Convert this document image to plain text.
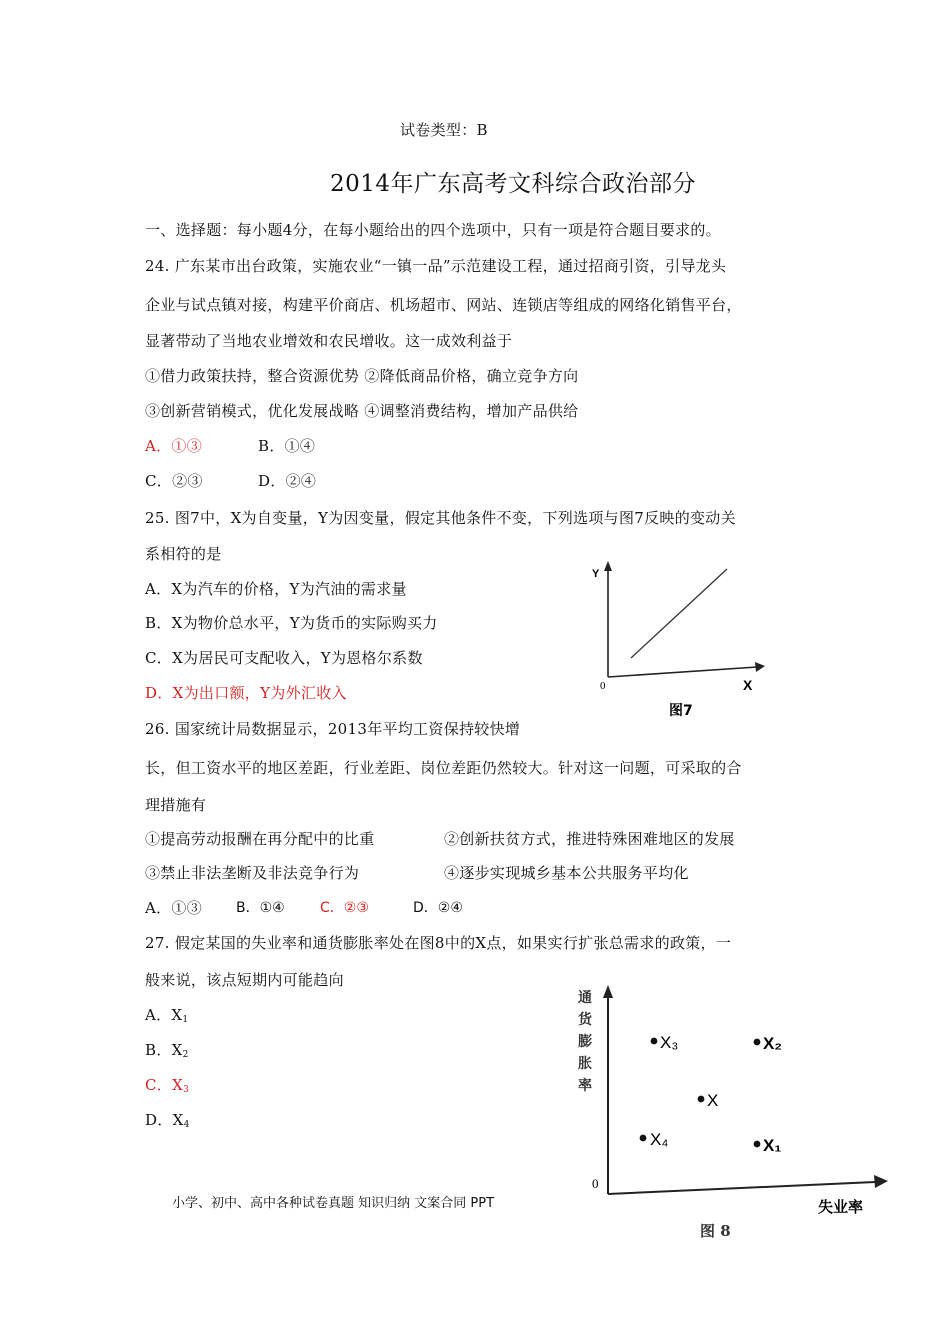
试卷类型：B
2014年广东高考文科综合政治部分
一、选择题：每小题4分，在每小题给出的四个选项中，只有一项是符合题目要求的。
24. 广东某市出台政策，实施农业“一镇一品”示范建设工程，通过招商引资，引导龙头
企业与试点镇对接，构建平价商店、机场超市、网站、连锁店等组成的网络化销售平台，
显著带动了当地农业增效和农民增收。这一成效利益于
①借力政策扶持，整合资源优势 ②降低商品价格，确立竞争方向
③创新营销模式，优化发展战略 ④调整消费结构，增加产品供给
A．①③	B．①④
C．②③	D．②④
25. 图7中，X为自变量，Y为因变量，假定其他条件不变，下列选项与图7反映的变动关
系相符的是
A．X为汽车的价格，Y为汽油的需求量
B．X为物价总水平，Y为货币的实际购买力
C．X为居民可支配收入，Y为恩格尔系数
D．X为出口额，Y为外汇收入
Y
0	X
图7
26. 国家统计局数据显示，2013年平均工资保持较快增
长，但工资水平的地区差距，行业差距、岗位差距仍然较大。针对这一问题，可采取的合
理措施有
①提高劳动报酬在再分配中的比重	②创新扶贫方式，推进特殊困难地区的发展
③禁止非法垄断及非法竞争行为	④逐步实现城乡基本公共服务平均化
A．①③ B．①④	C．②③	D．②④
27. 假定某国的失业率和通货膨胀率处在图8中的X点，如果实行扩张总需求的政策，一
般来说，该点短期内可能趋向
A．$X_1$
B．$X_2$
C．$X_3$
D．$X_4$
通
货
膨
胀
率
0
失业率
X₃	X₂
X
X₄	X₁
图 8
小学、初中、高中各种试卷真题 知识归纳 文案合同 PPT
